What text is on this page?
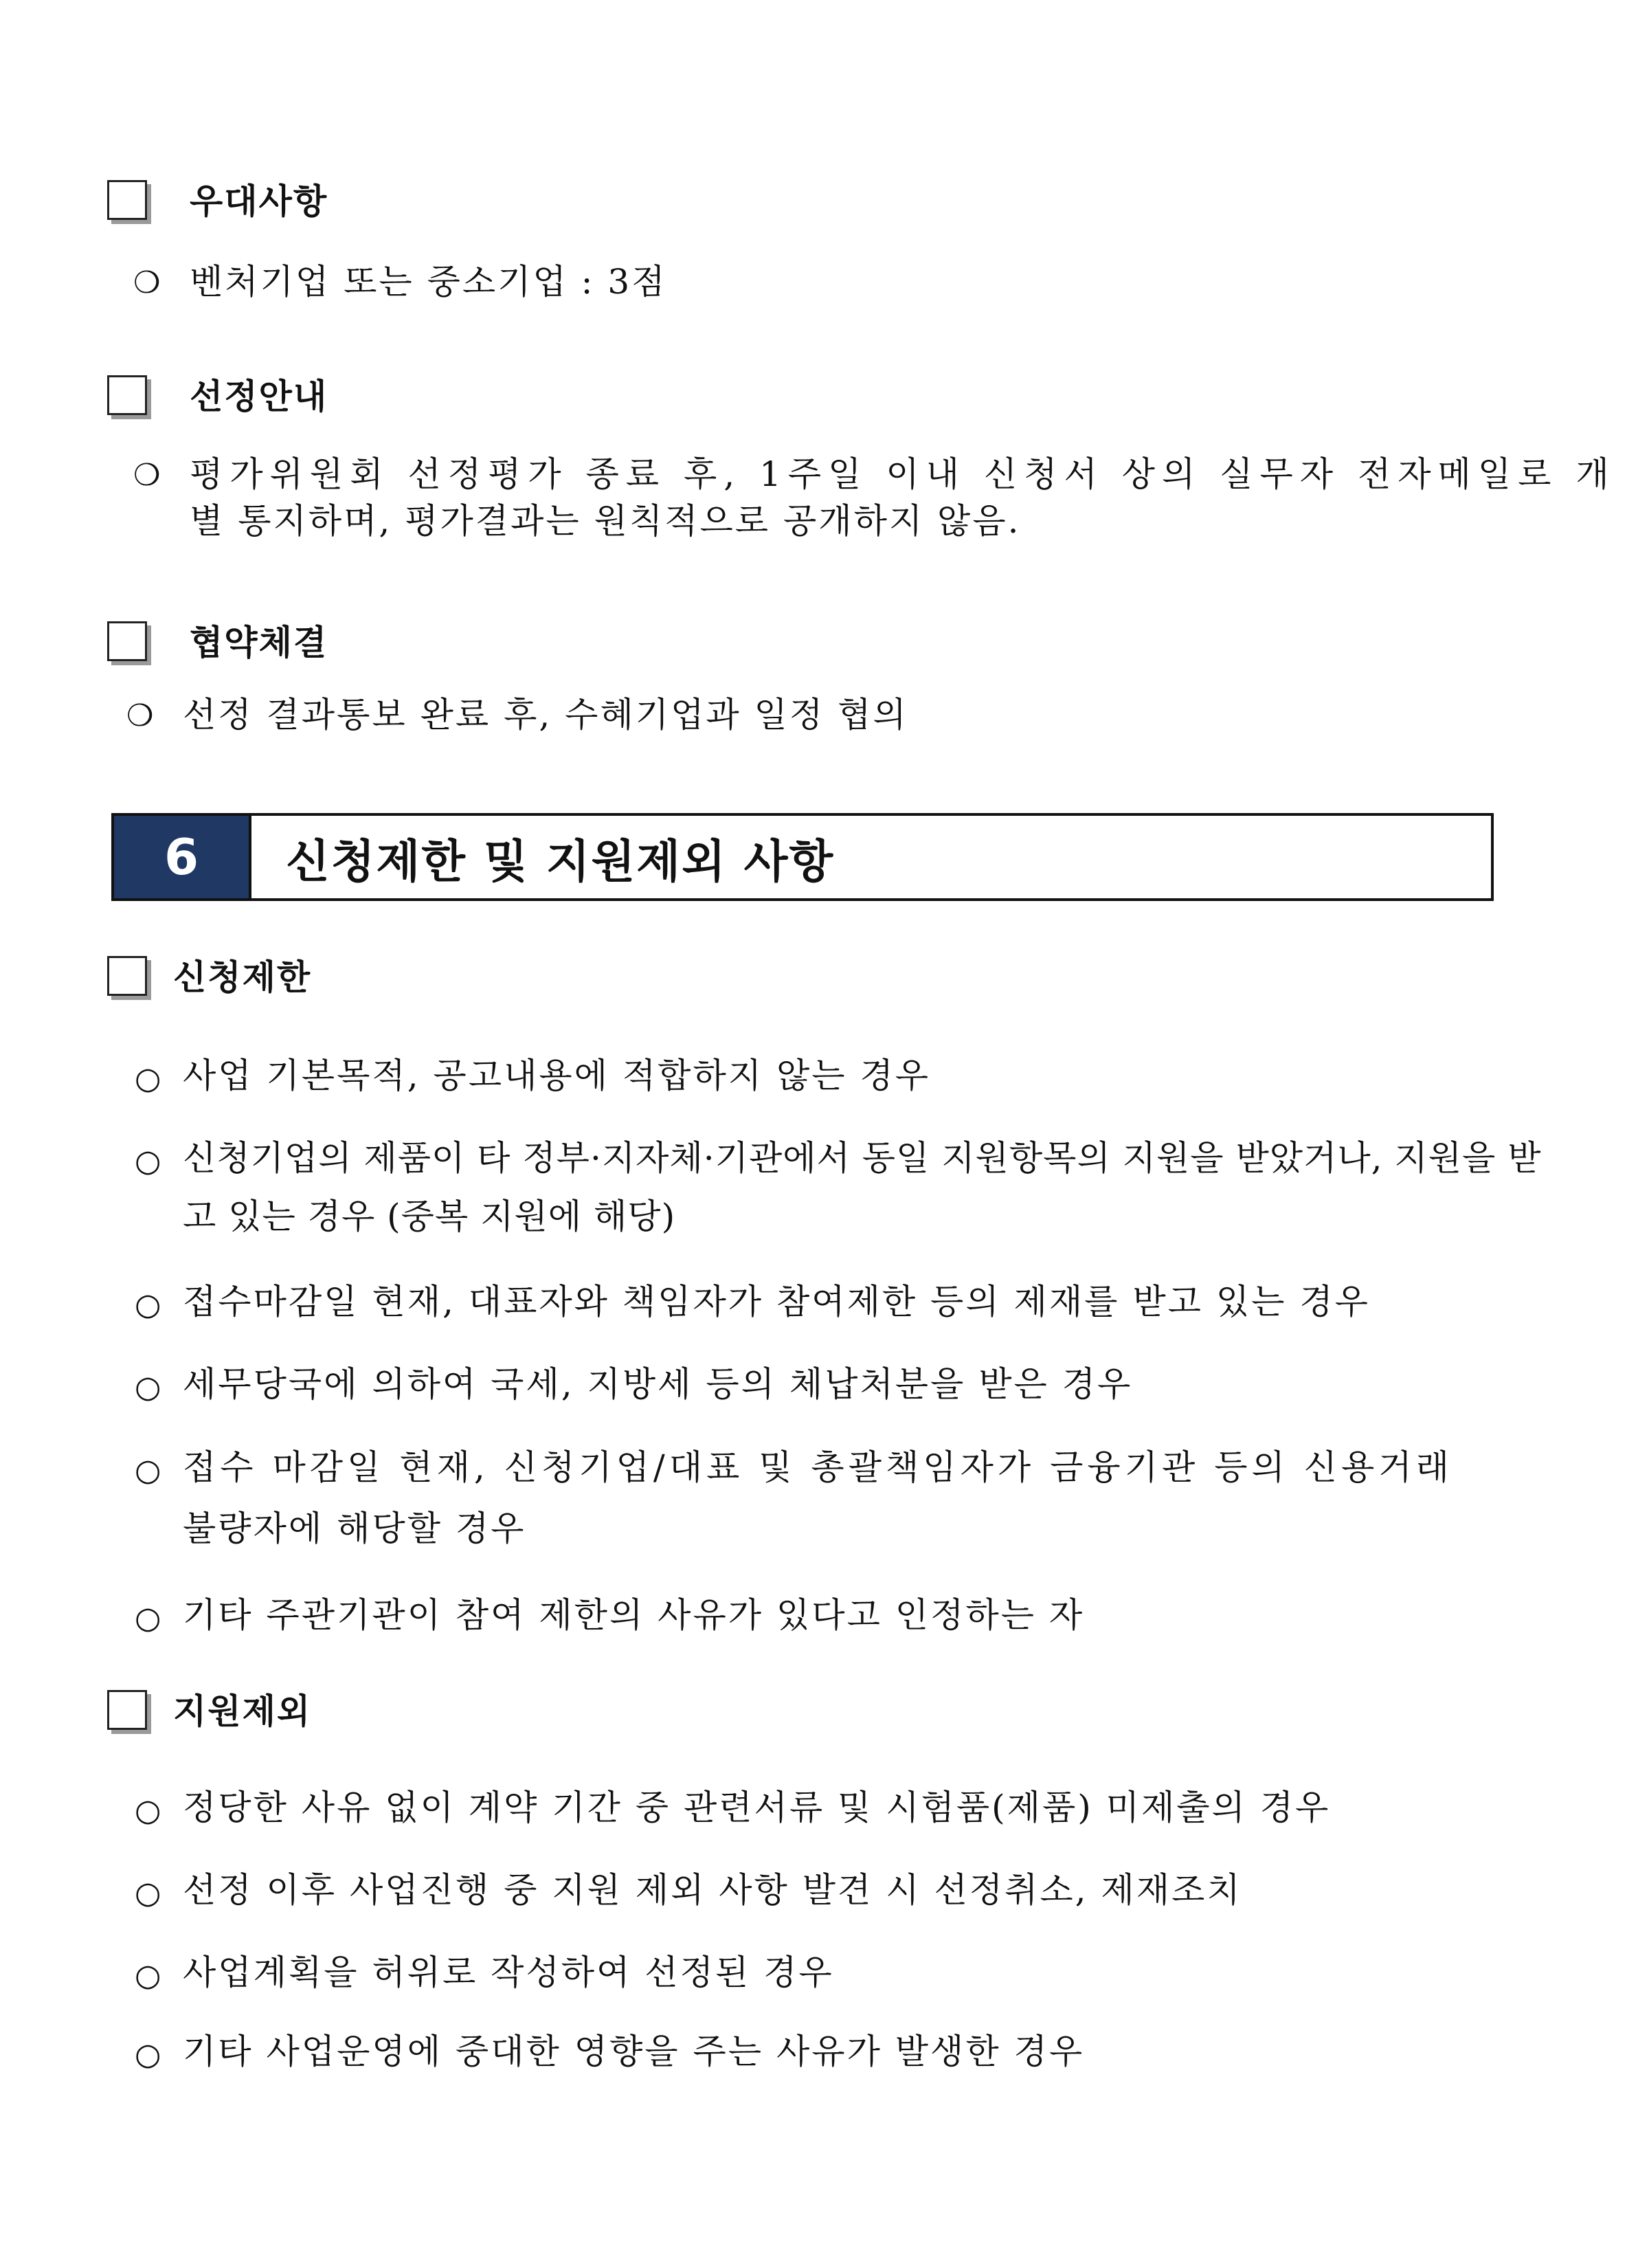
우대사항
❍ 벤처기업 또는 중소기업 : 3점
선정안내
❍ 평가위원회 선정평가 종료 후, 1주일 이내 신청서 상의 실무자 전자메일로 개
별 통지하며, 평가결과는 원칙적으로 공개하지 않음.
협약체결
❍ 선정 결과통보 완료 후, 수혜기업과 일정 협의
6	신청제한 및 지원제외 사항
신청제한
○ 사업 기본목적, 공고내용에 적합하지 않는 경우
○ 신청기업의 제품이 타 정부·지자체·기관에서 동일 지원항목의 지원을 받았거나, 지원을 받
고 있는 경우 (중복 지원에 해당)
○ 접수마감일 현재, 대표자와 책임자가 참여제한 등의 제재를 받고 있는 경우
○ 세무당국에 의하여 국세, 지방세 등의 체납처분을 받은 경우
○ 접수 마감일 현재, 신청기업/대표 및 총괄책임자가 금융기관 등의 신용거래
불량자에 해당할 경우
○ 기타 주관기관이 참여 제한의 사유가 있다고 인정하는 자
지원제외
○ 정당한 사유 없이 계약 기간 중 관련서류 및 시험품(제품) 미제출의 경우
○ 선정 이후 사업진행 중 지원 제외 사항 발견 시 선정취소, 제재조치
○ 사업계획을 허위로 작성하여 선정된 경우
○ 기타 사업운영에 중대한 영향을 주는 사유가 발생한 경우
